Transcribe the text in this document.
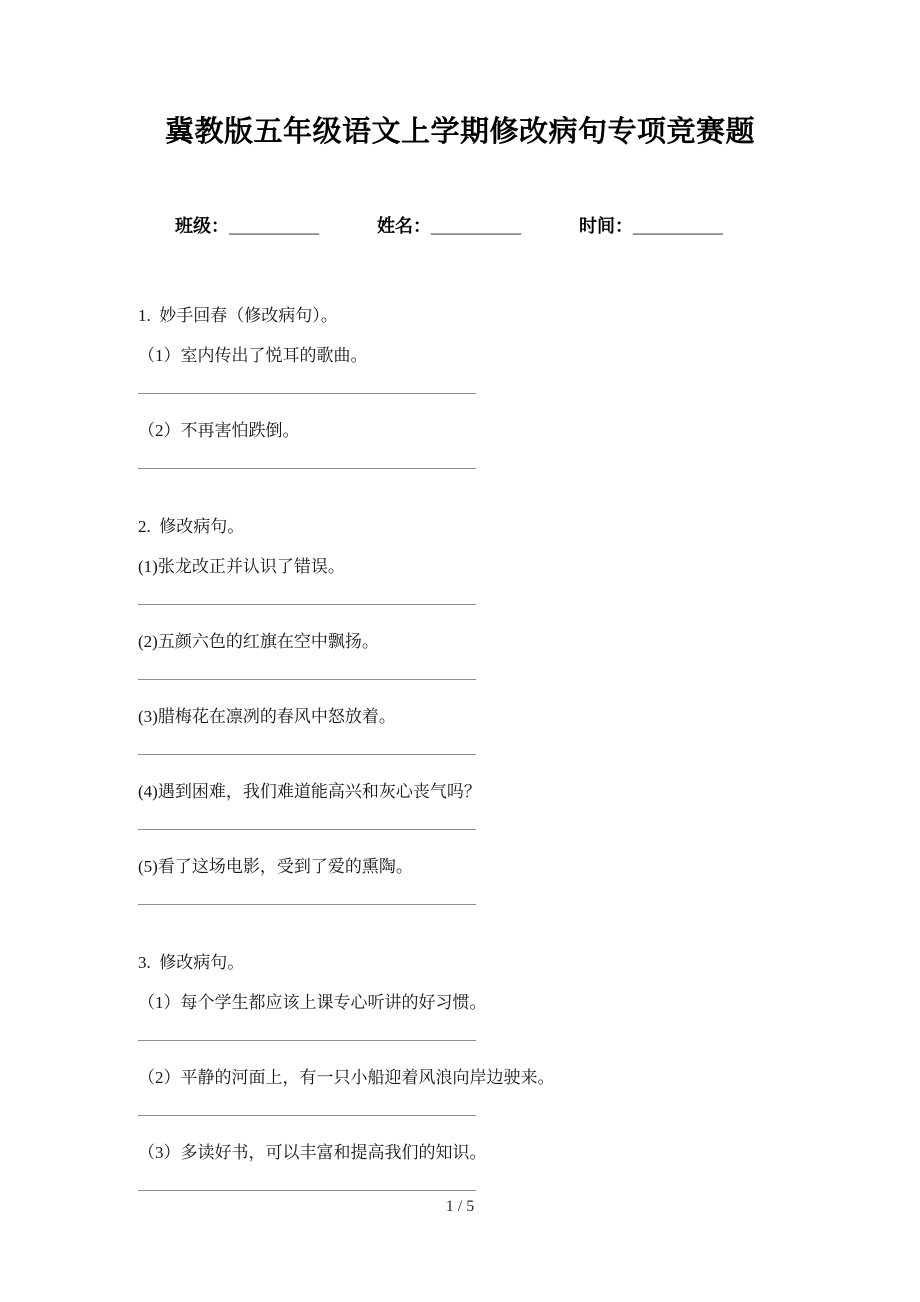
冀教版五年级语文上学期修改病句专项竞赛题
班级：__________	姓名：__________	时间：__________

1.  妙手回春（修改病句）。

（1）室内传出了悦耳的歌曲。

（2）不再害怕跌倒。

2.  修改病句。

(1)张龙改正并认识了错误。

(2)五颜六色的红旗在空中飘扬。

(3)腊梅花在凛冽的春风中怒放着。

(4)遇到困难，我们难道能高兴和灰心丧气吗？

(5)看了这场电影，受到了爱的熏陶。

3.  修改病句。

（1）每个学生都应该上课专心听讲的好习惯。

（2）平静的河面上，有一只小船迎着风浪向岸边驶来。

（3）多读好书，可以丰富和提高我们的知识。

1 / 5
